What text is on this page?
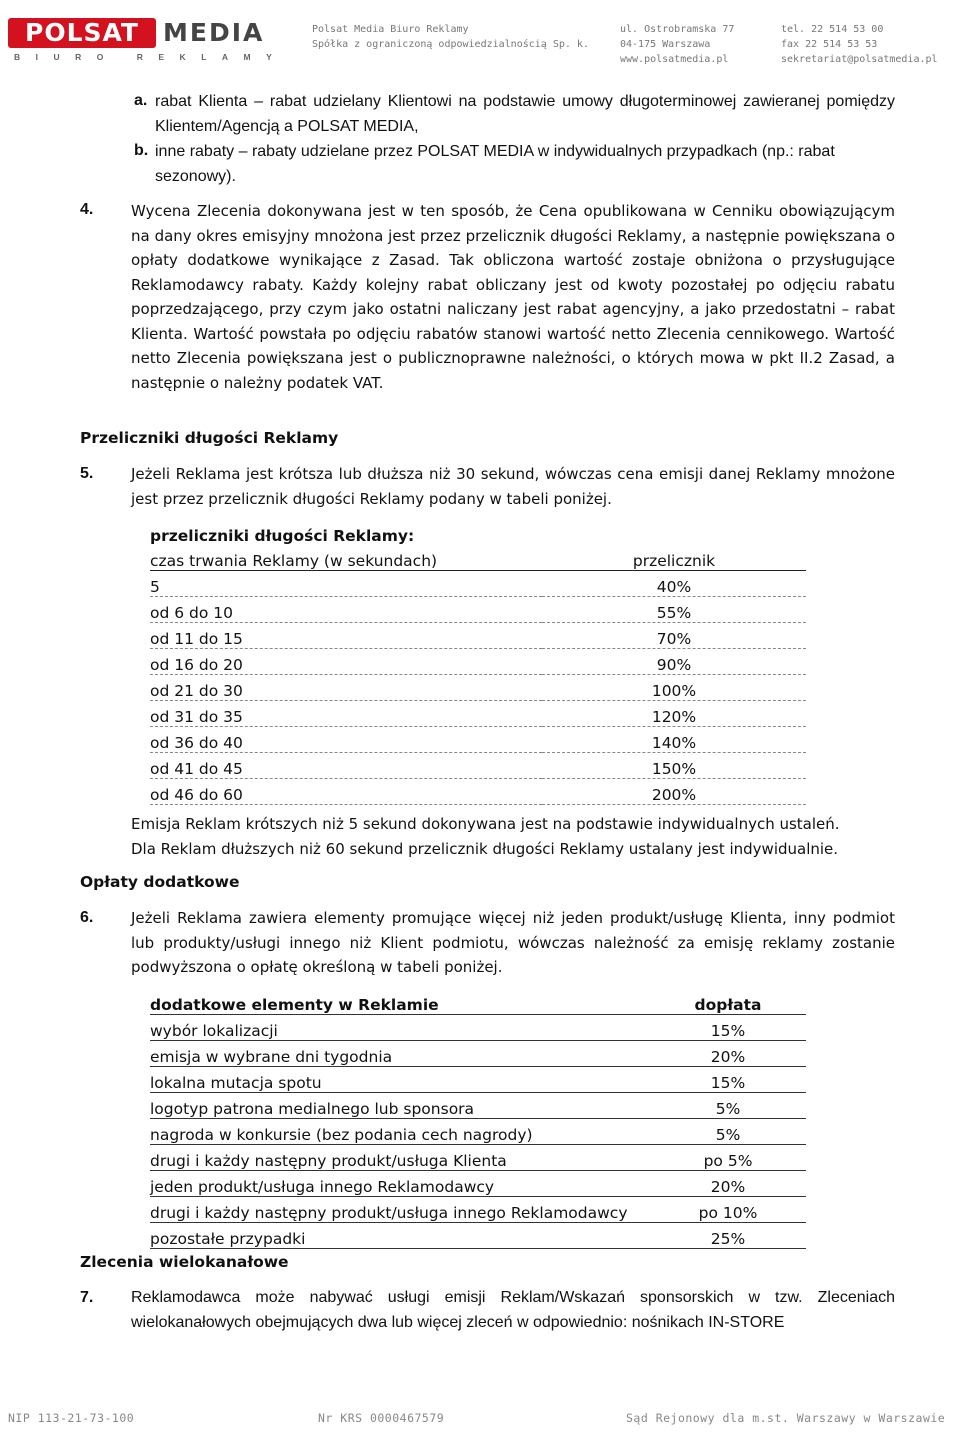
POLSAT MEDIA
BIURO REKLAMY
Polsat Media Biuro Reklamy
Spółka z ograniczoną odpowiedzialnością Sp. k.
ul. Ostrobramska 77
04-175 Warszawa
www.polsatmedia.pl
tel. 22 514 53 00
fax 22 514 53 53
sekretariat@polsatmedia.pl
a. rabat Klienta – rabat udzielany Klientowi na podstawie umowy długoterminowej zawieranej pomiędzy Klientem/Agencją a POLSAT MEDIA,
b. inne rabaty – rabaty udzielane przez POLSAT MEDIA w indywidualnych przypadkach (np.: rabat sezonowy).
4.	Wycena Zlecenia dokonywana jest w ten sposób, że Cena opublikowana w Cenniku obowiązującym na dany okres emisyjny mnożona jest przez przelicznik długości Reklamy, a następnie powiększana o opłaty dodatkowe wynikające z Zasad. Tak obliczona wartość zostaje obniżona o przysługujące Reklamodawcy rabaty. Każdy kolejny rabat obliczany jest od kwoty pozostałej po odjęciu rabatu poprzedzającego, przy czym jako ostatni naliczany jest rabat agencyjny, a jako przedostatni – rabat Klienta. Wartość powstała po odjęciu rabatów stanowi wartość netto Zlecenia cennikowego. Wartość netto Zlecenia powiększana jest o publicznoprawne należności, o których mowa w pkt II.2 Zasad, a następnie o należny podatek VAT.
Przeliczniki długości Reklamy
5.	Jeżeli Reklama jest krótsza lub dłuższa niż 30 sekund, wówczas cena emisji danej Reklamy mnożone jest przez przelicznik długości Reklamy podany w tabeli poniżej.
przeliczniki długości Reklamy:	
czas trwania Reklamy (w sekundach)	przelicznik
5	40%
od 6 do 10	55%
od 11 do 15	70%
od 16 do 20	90%
od 21 do 30	100%
od 31 do 35	120%
od 36 do 40	140%
od 41 do 45	150%
od 46 do 60	200%
Emisja Reklam krótszych niż 5 sekund dokonywana jest na podstawie indywidualnych ustaleń.
Dla Reklam dłuższych niż 60 sekund przelicznik długości Reklamy ustalany jest indywidualnie.
Opłaty dodatkowe
6.	Jeżeli Reklama zawiera elementy promujące więcej niż jeden produkt/usługę Klienta, inny podmiot lub produkty/usługi innego niż Klient podmiotu, wówczas należność za emisję reklamy zostanie podwyższona o opłatę określoną w tabeli poniżej.
dodatkowe elementy w Reklamie	dopłata
wybór lokalizacji	15%
emisja w wybrane dni tygodnia	20%
lokalna mutacja spotu	15%
logotyp patrona medialnego lub sponsora	5%
nagroda w konkursie (bez podania cech nagrody)	5%
drugi i każdy następny produkt/usługa Klienta	po 5%
jeden produkt/usługa innego Reklamodawcy	20%
drugi i każdy następny produkt/usługa innego Reklamodawcy	po 10%
pozostałe przypadki	25%
Zlecenia wielokanałowe
7. Reklamodawca może nabywać usługi emisji Reklam/Wskazań sponsorskich w tzw. Zleceniach wielokanałowych obejmujących dwa lub więcej zleceń w odpowiednio: nośnikach IN-STORE
NIP 113-21-73-100	Nr KRS 0000467579	Sąd Rejonowy dla m.st. Warszawy w Warszawie
